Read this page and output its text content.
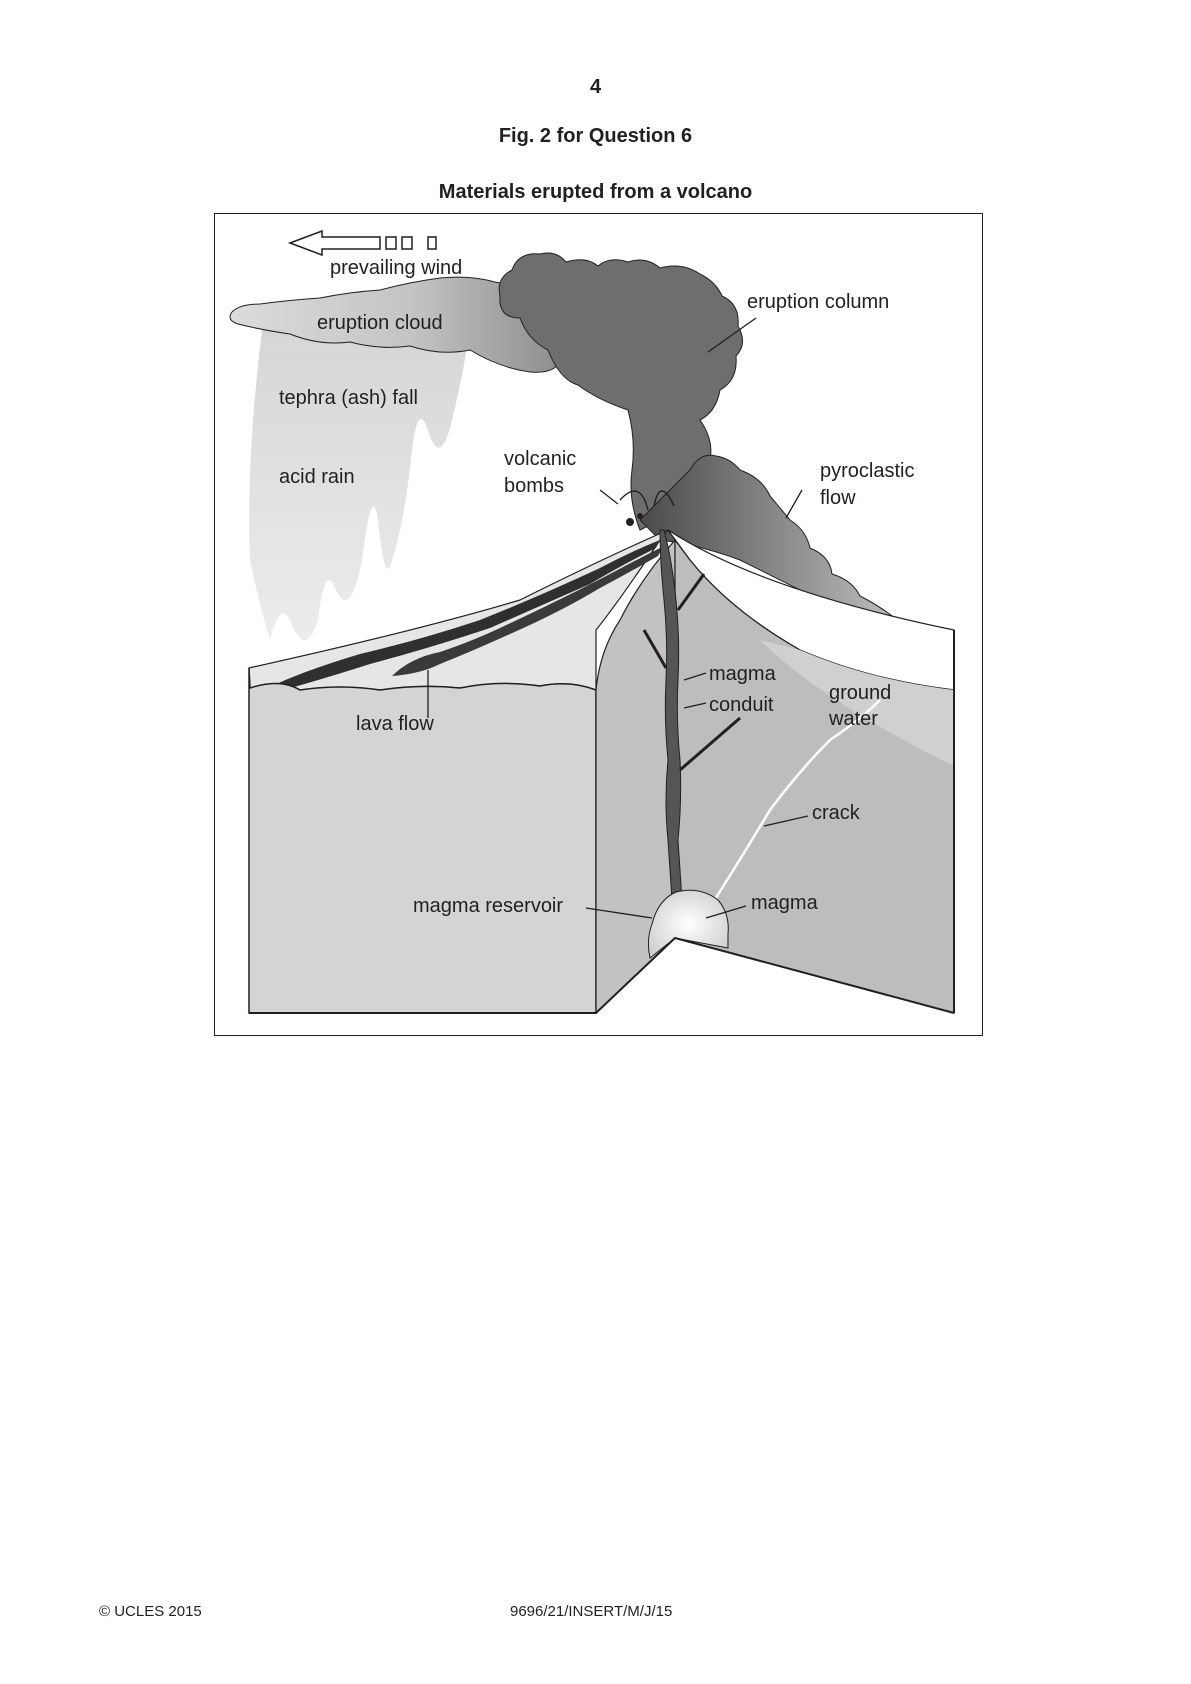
4
Fig. 2 for Question 6
Materials erupted from a volcano
prevailing wind
eruption cloud
tephra (ash) fall
acid rain
volcanic
bombs
eruption column
pyroclastic
flow
lava flow
magma
conduit
ground
water
crack
magma reservoir	magma
© UCLES 2015	9696/21/INSERT/M/J/15
